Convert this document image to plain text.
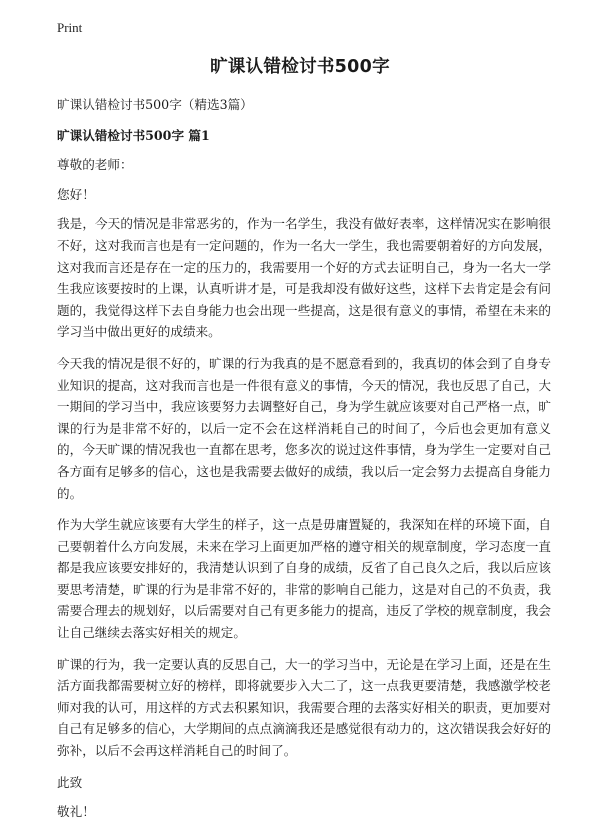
Print
旷课认错检讨书500字

旷课认错检讨书500字（精选3篇）

旷课认错检讨书500字 篇1

尊敬的老师：

您好！

我是，今天的情况是非常恶劣的，作为一名学生，我没有做好表率，这样情况实在影响很不好，这对我而言也是有一定问题的，作为一名大一学生，我也需要朝着好的方向发展，这对我而言还是存在一定的压力的，我需要用一个好的方式去证明自己，身为一名大一学生我应该要按时的上课，认真听讲才是，可是我却没有做好这些，这样下去肯定是会有问题的，我觉得这样下去自身能力也会出现一些提高，这是很有意义的事情，希望在未来的学习当中做出更好的成绩来。

今天我的情况是很不好的，旷课的行为我真的是不愿意看到的，我真切的体会到了自身专业知识的提高，这对我而言也是一件很有意义的事情，今天的情况，我也反思了自己，大一期间的学习当中，我应该要努力去调整好自己，身为学生就应该要对自己严格一点，旷课的行为是非常不好的，以后一定不会在这样消耗自己的时间了，今后也会更加有意义的，今天旷课的情况我也一直都在思考，您多次的说过这件事情，身为学生一定要对自己各方面有足够多的信心，这也是我需要去做好的成绩，我以后一定会努力去提高自身能力的。

作为大学生就应该要有大学生的样子，这一点是毋庸置疑的，我深知在样的环境下面，自己要朝着什么方向发展，未来在学习上面更加严格的遵守相关的规章制度，学习态度一直都是我应该要安排好的，我清楚认识到了自身的成绩，反省了自己良久之后，我以后应该要思考清楚，旷课的行为是非常不好的，非常的影响自己能力，这是对自己的不负责，我需要合理去的规划好，以后需要对自己有更多能力的提高，违反了学校的规章制度，我会让自己继续去落实好相关的规定。

旷课的行为，我一定要认真的反思自己，大一的学习当中，无论是在学习上面，还是在生活方面我都需要树立好的榜样，即将就要步入大二了，这一点我更要清楚，我感激学校老师对我的认可，用这样的方式去积累知识，我需要合理的去落实好相关的职责，更加要对自己有足够多的信心，大学期间的点点滴滴我还是感觉很有动力的，这次错误我会好好的弥补，以后不会再这样消耗自己的时间了。

此致

敬礼！
